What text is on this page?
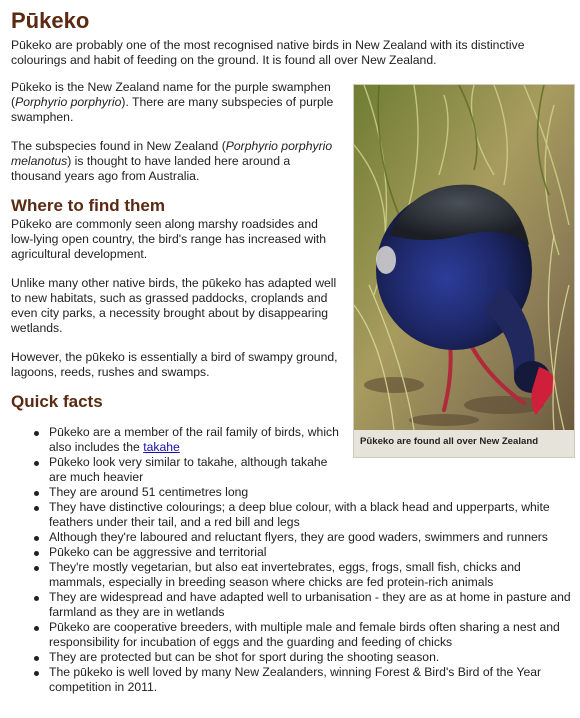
Pūkeko

Pūkeko are probably one of the most recognised native birds in New Zealand with its distinctive colourings and habit of feeding on the ground. It is found all over New Zealand.

Pūkeko is the New Zealand name for the purple swamphen (Porphyrio porphyrio). There are many subspecies of purple swamphen.

The subspecies found in New Zealand (Porphyrio porphyrio melanotus) is thought to have landed here around a thousand years ago from Australia.

Where to find them

Pūkeko are commonly seen along marshy roadsides and low-lying open country, the bird's range has increased with agricultural development.

Unlike many other native birds, the pūkeko has adapted well to new habitats, such as grassed paddocks, croplands and even city parks, a necessity brought about by disappearing wetlands.

However, the pūkeko is essentially a bird of swampy ground, lagoons, reeds, rushes and swamps.

Pūkeko are found all over New Zealand
Quick facts
Pūkeko are a member of the rail family of birds, which also includes the takahe
Pūkeko look very similar to takahe, although takahe are much heavier
They are around 51 centimetres long
They have distinctive colourings; a deep blue colour, with a black head and upperparts, white feathers under their tail, and a red bill and legs
Although they're laboured and reluctant flyers, they are good waders, swimmers and runners
Pūkeko can be aggressive and territorial
They're mostly vegetarian, but also eat invertebrates, eggs, frogs, small fish, chicks and mammals, especially in breeding season where chicks are fed protein-rich animals
They are widespread and have adapted well to urbanisation - they are as at home in pasture and farmland as they are in wetlands
Pūkeko are cooperative breeders, with multiple male and female birds often sharing a nest and responsibility for incubation of eggs and the guarding and feeding of chicks
They are protected but can be shot for sport during the shooting season.
The pūkeko is well loved by many New Zealanders, winning Forest & Bird's Bird of the Year competition in 2011.
